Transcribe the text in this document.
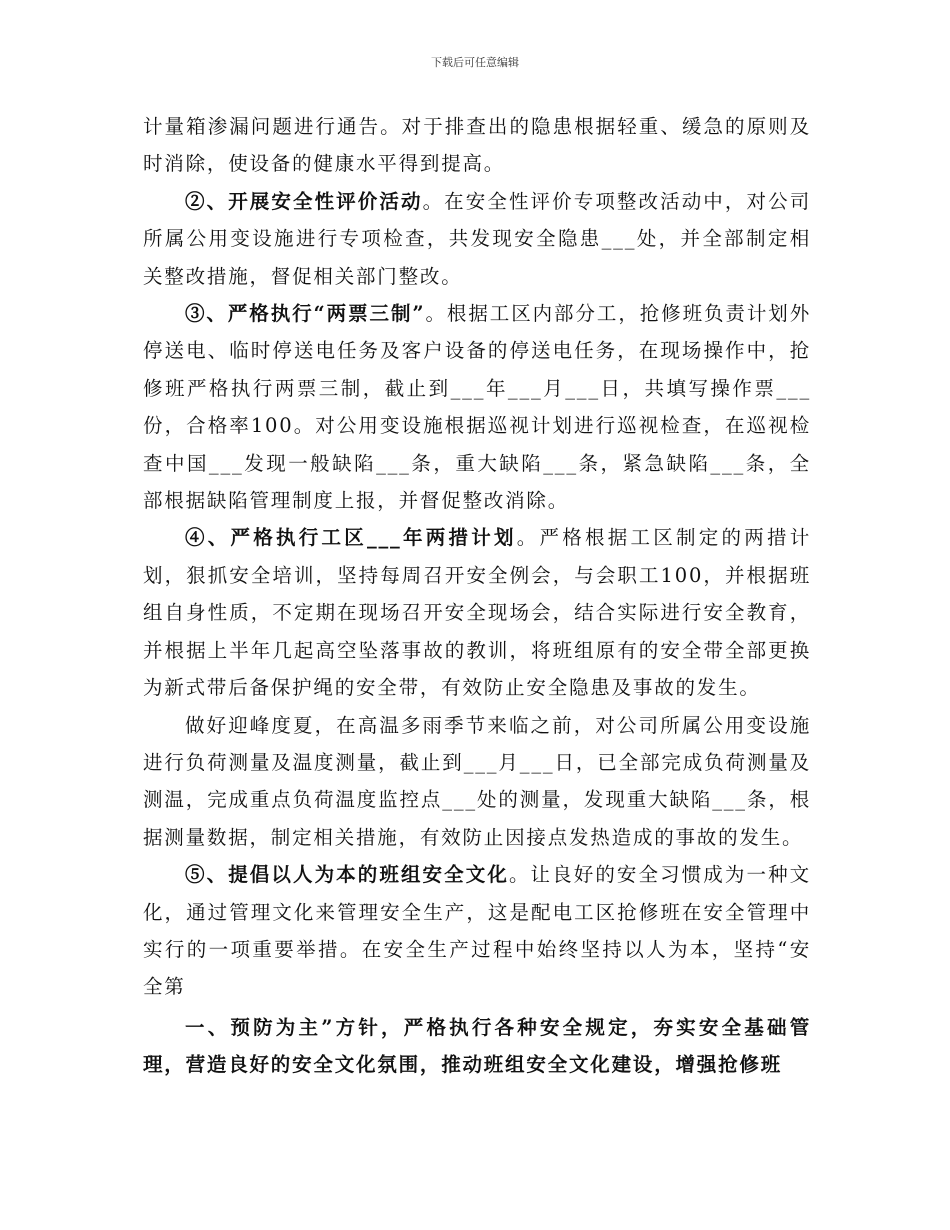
下载后可任意编辑

计量箱渗漏问题进行通告。对于排查出的隐患根据轻重、缓急的原则及时消除，使设备的健康水平得到提高。

②、开展安全性评价活动。在安全性评价专项整改活动中，对公司所属公用变设施进行专项检查，共发现安全隐患___处，并全部制定相关整改措施，督促相关部门整改。

③、严格执行“两票三制”。根据工区内部分工，抢修班负责计划外停送电、临时停送电任务及客户设备的停送电任务，在现场操作中，抢修班严格执行两票三制，截止到___年___月___日，共填写操作票___份，合格率100。对公用变设施根据巡视计划进行巡视检查，在巡视检查中国___发现一般缺陷___条，重大缺陷___条，紧急缺陷___条，全部根据缺陷管理制度上报，并督促整改消除。

④、严格执行工区___年两措计划。严格根据工区制定的两措计划，狠抓安全培训，坚持每周召开安全例会，与会职工100，并根据班组自身性质，不定期在现场召开安全现场会，结合实际进行安全教育，并根据上半年几起高空坠落事故的教训，将班组原有的安全带全部更换为新式带后备保护绳的安全带，有效防止安全隐患及事故的发生。

做好迎峰度夏，在高温多雨季节来临之前，对公司所属公用变设施进行负荷测量及温度测量，截止到___月___日，已全部完成负荷测量及测温，完成重点负荷温度监控点___处的测量，发现重大缺陷___条，根据测量数据，制定相关措施，有效防止因接点发热造成的事故的发生。

⑤、提倡以人为本的班组安全文化。让良好的安全习惯成为一种文化，通过管理文化来管理安全生产，这是配电工区抢修班在安全管理中实行的一项重要举措。在安全生产过程中始终坚持以人为本，坚持“安全第

一、预防为主”方针，严格执行各种安全规定，夯实安全基础管理，营造良好的安全文化氛围，推动班组安全文化建设，增强抢修班
